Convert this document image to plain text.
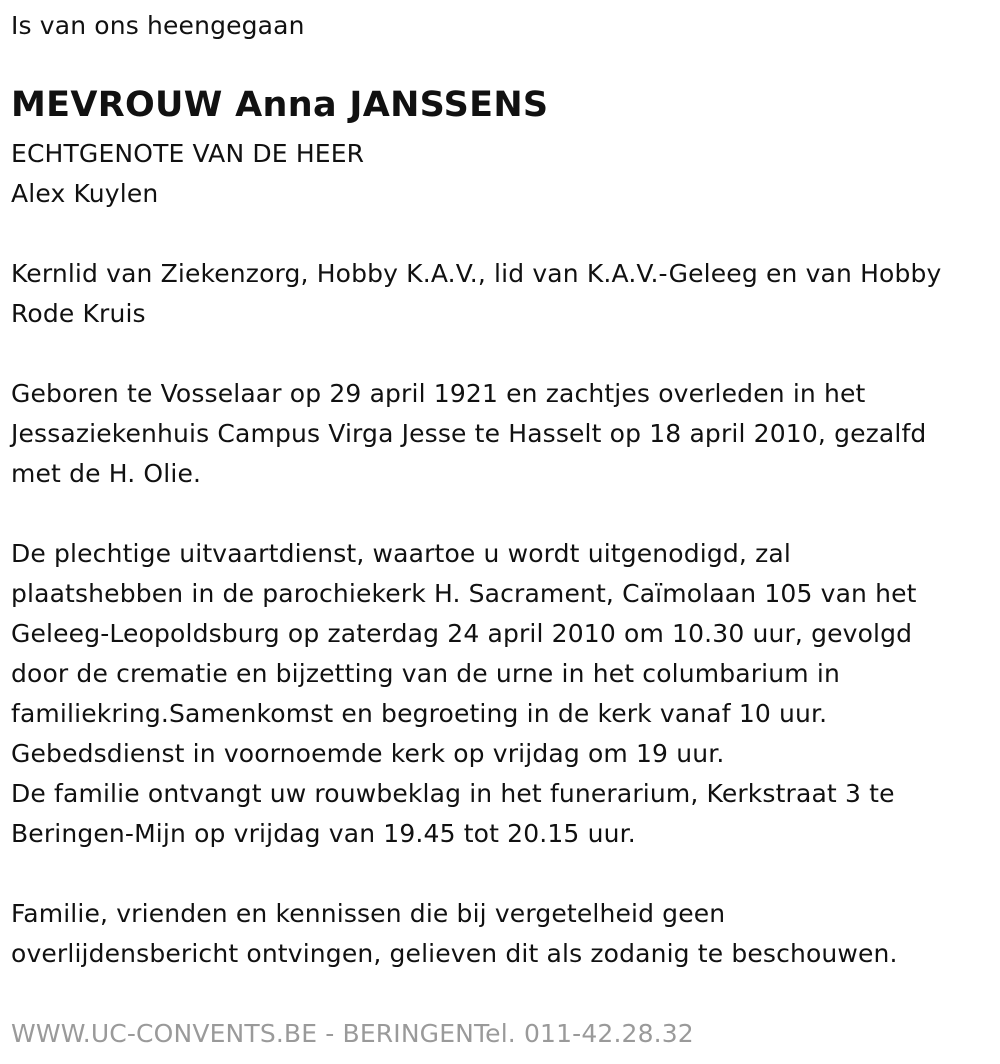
Is van ons heengegaan
MEVROUW Anna JANSSENS
ECHTGENOTE VAN DE HEER
Alex Kuylen
Kernlid van Ziekenzorg, Hobby K.A.V., lid van K.A.V.-Geleeg en van Hobby
Rode Kruis
Geboren te Vosselaar op 29 april 1921 en zachtjes overleden in het
Jessaziekenhuis Campus Virga Jesse te Hasselt op 18 april 2010, gezalfd
met de H. Olie.
De plechtige uitvaartdienst, waartoe u wordt uitgenodigd, zal
plaatshebben in de parochiekerk H. Sacrament, Caïmolaan 105 van het
Geleeg-Leopoldsburg op zaterdag 24 april 2010 om 10.30 uur, gevolgd
door de crematie en bijzetting van de urne in het columbarium in
familiekring.Samenkomst en begroeting in de kerk vanaf 10 uur.
Gebedsdienst in voornoemde kerk op vrijdag om 19 uur.
De familie ontvangt uw rouwbeklag in het funerarium, Kerkstraat 3 te
Beringen-Mijn op vrijdag van 19.45 tot 20.15 uur.
Familie, vrienden en kennissen die bij vergetelheid geen
overlijdensbericht ontvingen, gelieven dit als zodanig te beschouwen.
WWW.UC-CONVENTS.BE - BERINGENTel. 011-42.28.32
